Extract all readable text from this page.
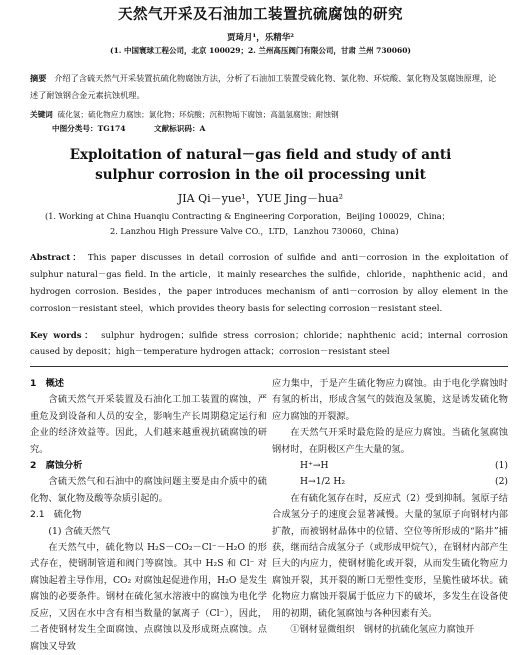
天然气开采及石油加工装置抗硫腐蚀的研究
贾琦月¹，乐精华²
(1. 中国寰球工程公司，北京 100029；2. 兰州高压阀门有限公司，甘肃 兰州 730060)
摘要 介绍了含硫天然气开采装置抗硫化物腐蚀方法，分析了石油加工装置受硫化物、氯化物、环烷酸、氯化物及氢腐蚀原理，论述了耐蚀钢合金元素抗蚀机理。
关键词 硫化氢；硫化物应力腐蚀；氯化物；环烷酸；沉积物垢下腐蚀；高温氢腐蚀；耐蚀钢
中图分类号：TG174	文献标识码：A
Exploitation of natural－gas field and study of anti
sulphur corrosion in the oil processing unit
JIA Qi－yue¹，YUE Jing－hua²
(1. Working at China Huanqiu Contracting & Engineering Corporation，Beijing 100029，China；
2. Lanzhou High Pressure Valve CO.，LTD，Lanzhou 730060，China)
Abstract： This paper discusses in detail corrosion of sulfide and anti－corrosion in the exploitation of sulphur natural－gas field. In the article，it mainly researches the sulfide，chloride，naphthenic acid，and hydrogen corrosion. Besides，the paper introduces mechanism of anti－corrosion by alloy element in the corrosion－resistant steel，which provides theory basis for selecting corrosion－resistant steel.
Key words： sulphur hydrogen；sulfide stress corrosion；chloride；naphthenic acid；internal corrosion caused by deposit；high－temperature hydrogen attack；corrosion－resistant steel
1　概述
含硫天然气开采装置及石油化工加工装置的腐蚀，严重危及到设备和人员的安全，影响生产长周期稳定运行和企业的经济效益等。因此，人们越来越重视抗硫腐蚀的研究。
2　腐蚀分析
含硫天然气和石油中的腐蚀问题主要是由介质中的硫化物、氯化物及酸等杂质引起的。
2.1　硫化物
(1) 含硫天然气
在天然气中，硫化物以 H₂S－CO₂－Cl⁻－H₂O 的形式存在，使钢制管道和阀门等腐蚀。其中 H₂S 和 Cl⁻ 对腐蚀起着主导作用，CO₂ 对腐蚀起促进作用，H₂O 是发生腐蚀的必要条件。钢材在硫化氢水溶液中的腐蚀为电化学反应，又因在水中含有相当数量的氯离子（Cl⁻），因此，二者使钢材发生全面腐蚀、点腐蚀以及形成斑点腐蚀。点腐蚀又导致
应力集中，于是产生硫化物应力腐蚀。由于电化学腐蚀时有氢的析出，形成含氢气的鼓泡及氢脆，这是诱发硫化物应力腐蚀的开裂源。
在天然气开采时最危险的是应力腐蚀。当硫化氢腐蚀钢材时，在阴极区产生大量的氢。
H⁺→H	(1)
H→1/2 H₂	(2)
在有硫化氢存在时，反应式（2）受到抑制。氢原子结合成氢分子的速度会显著减慢。大量的氢原子向钢材内部扩散，而被钢材晶体中的位错、空位等所形成的“陷井”捕获，继而结合成氢分子（或形成甲烷气），在钢材内部产生巨大的内应力，使钢材脆化或开裂，从而发生硫化物应力腐蚀开裂，其开裂的断口无塑性变形，呈脆性破坏状。硫化物应力腐蚀开裂属于低应力下的破坏，多发生在设备使用的初期，硫化氢腐蚀与各种因素有关。
①钢材显微组织　钢材的抗硫化氢应力腐蚀开
